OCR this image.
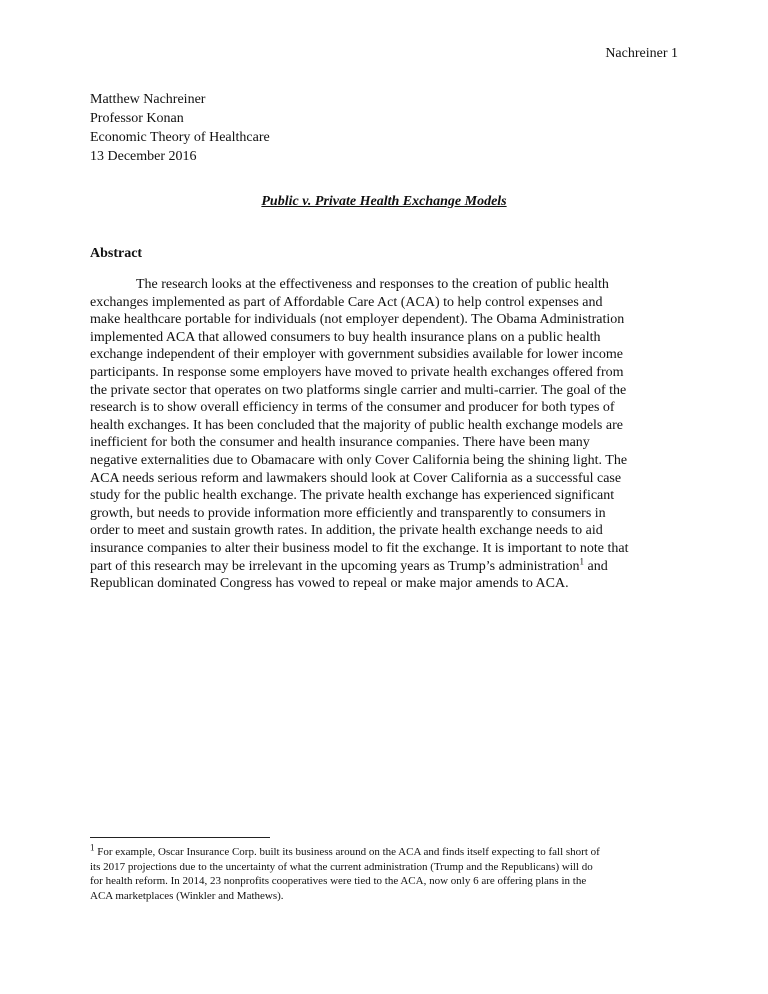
Nachreiner 1
Matthew Nachreiner
Professor Konan
Economic Theory of Healthcare
13 December 2016
Public v. Private Health Exchange Models
Abstract
The research looks at the effectiveness and responses to the creation of public health
exchanges implemented as part of Affordable Care Act (ACA) to help control expenses and
make healthcare portable for individuals (not employer dependent). The Obama Administration
implemented ACA that allowed consumers to buy health insurance plans on a public health
exchange independent of their employer with government subsidies available for lower income
participants. In response some employers have moved to private health exchanges offered from
the private sector that operates on two platforms single carrier and multi-carrier. The goal of the
research is to show overall efficiency in terms of the consumer and producer for both types of
health exchanges. It has been concluded that the majority of public health exchange models are
inefficient for both the consumer and health insurance companies. There have been many
negative externalities due to Obamacare with only Cover California being the shining light. The
ACA needs serious reform and lawmakers should look at Cover California as a successful case
study for the public health exchange. The private health exchange has experienced significant
growth, but needs to provide information more efficiently and transparently to consumers in
order to meet and sustain growth rates. In addition, the private health exchange needs to aid
insurance companies to alter their business model to fit the exchange. It is important to note that
part of this research may be irrelevant in the upcoming years as Trump’s administration$^1$ and
Republican dominated Congress has vowed to repeal or make major amends to ACA.
$^1$ For example, Oscar Insurance Corp. built its business around on the ACA and finds itself expecting to fall short of
its 2017 projections due to the uncertainty of what the current administration (Trump and the Republicans) will do
for health reform. In 2014, 23 nonprofits cooperatives were tied to the ACA, now only 6 are offering plans in the
ACA marketplaces (Winkler and Mathews).
